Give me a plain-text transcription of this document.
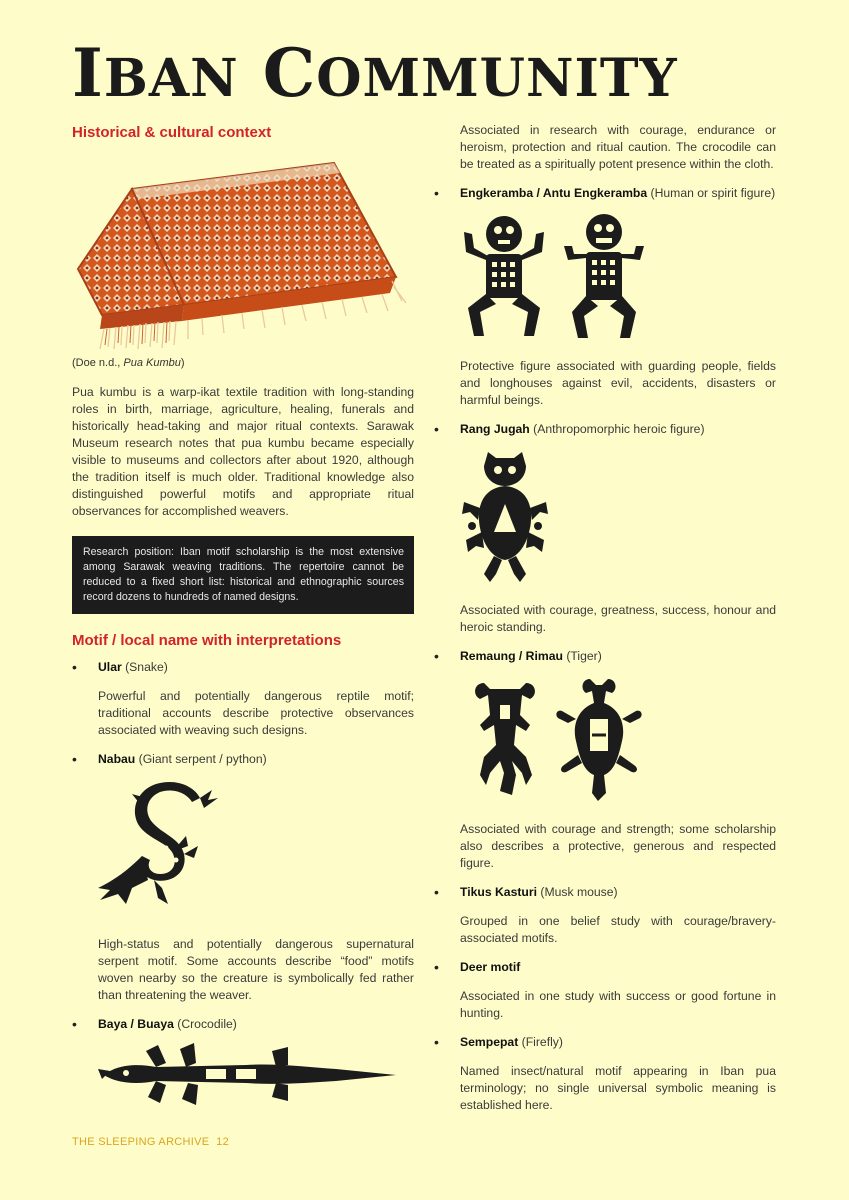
IBAN COMMUNITY
Historical & cultural context

(Doe n.d., Pua Kumbu)

Pua kumbu is a warp-ikat textile tradition with long-standing roles in birth, marriage, agriculture, healing, funerals and historically head-taking and major ritual contexts. Sarawak Museum research notes that pua kumbu became especially visible to museums and collectors after about 1920, although the tradition itself is much older. Traditional knowledge also distinguished powerful motifs and appropriate ritual observances for accomplished weavers.

Research position: Iban motif scholarship is the most extensive among Sarawak weaving traditions. The repertoire cannot be reduced to a fixed short list: historical and ethnographic sources record dozens to hundreds of named designs.
Motif / local name with interpretations
• Ular (Snake)

Powerful and potentially dangerous reptile motif; traditional accounts describe protective observances associated with weaving such designs.

• Nabau (Giant serpent / python)

High-status and potentially dangerous supernatural serpent motif. Some accounts describe “food” motifs woven nearby so the creature is symbolically fed rather than threatening the weaver.

• Baya / Buaya (Crocodile)

Associated in research with courage, endurance or heroism, protection and ritual caution. The crocodile can be treated as a spiritually potent presence within the cloth.

• Engkeramba / Antu Engkeramba (Human or spirit figure)

Protective figure associated with guarding people, fields and longhouses against evil, accidents, disasters or harmful beings.

• Rang Jugah (Anthropomorphic heroic figure)

Associated with courage, greatness, success, honour and heroic standing.

• Remaung / Rimau (Tiger)

Associated with courage and strength; some scholarship also describes a protective, generous and respected figure.

• Tikus Kasturi (Musk mouse)

Grouped in one belief study with courage/bravery-associated motifs.

• Deer motif

Associated in one study with success or good fortune in hunting.

• Sempepat (Firefly)

Named insect/natural motif appearing in Iban pua terminology; no single universal symbolic meaning is established here.

THE SLEEPING ARCHIVE 12
